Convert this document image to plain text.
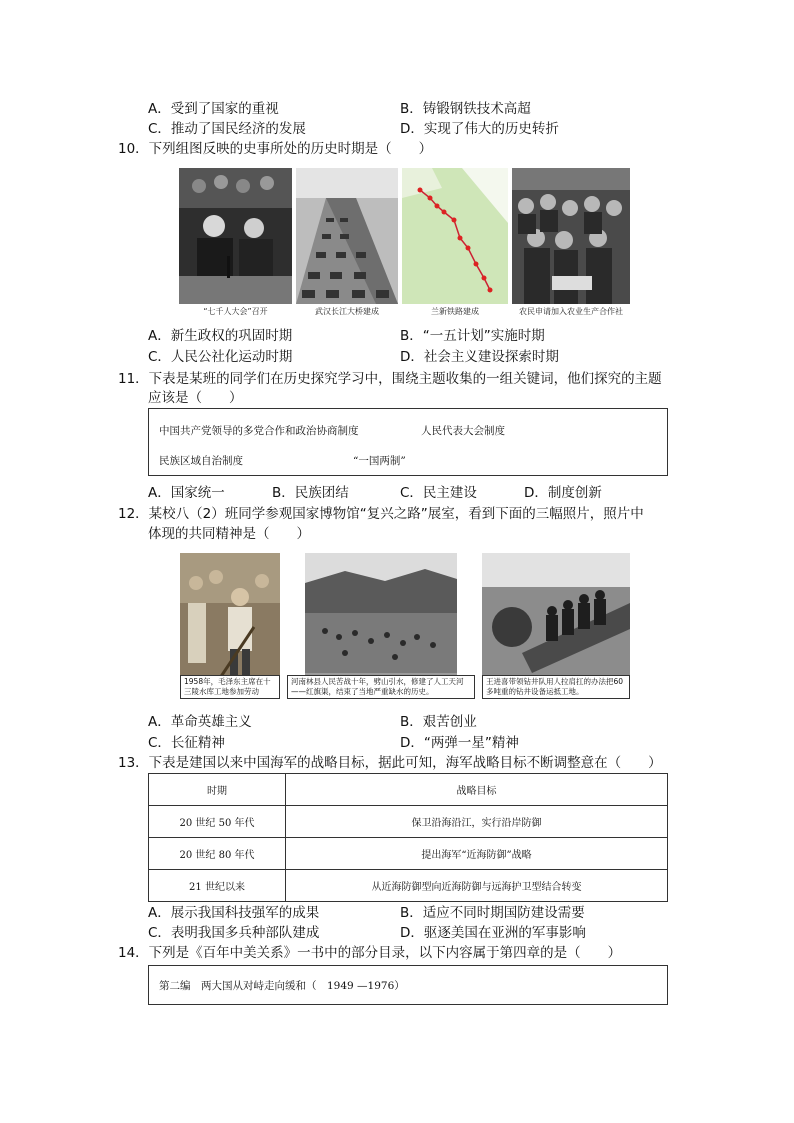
A．受到了国家的重视	B．铸锻钢铁技术高超
C．推动了国民经济的发展	D．实现了伟大的历史转折
10．下列组图反映的史事所处的历史时期是（　　）
“七千人大会”召开	武汉长江大桥建成	兰新铁路建成	农民申请加入农业生产合作社
A．新生政权的巩固时期	B．“一五计划”实施时期
C．人民公社化运动时期	D．社会主义建设探索时期
11．下表是某班的同学们在历史探究学习中，围绕主题收集的一组关键词，他们探究的主题
应该是（　　）
中国共产党领导的多党合作和政治协商制度	人民代表大会制度
民族区域自治制度	“一国两制”
A．国家统一	B．民族团结	C．民主建设	D．制度创新
12．某校八（2）班同学参观国家博物馆“复兴之路”展室，看到下面的三幅照片，照片中
体现的共同精神是（　　）
1958年，毛泽东主席在十三陵水库工地参加劳动
河南林县人民苦战十年，劈山引水，修建了人工天河——红旗渠，结束了当地严重缺水的历史。
王进喜带领钻井队用人拉肩扛的办法把60多吨重的钻井设备运抵工地。
A．革命英雄主义	B．艰苦创业
C．长征精神	D．“两弹一星”精神
13．下表是建国以来中国海军的战略目标，据此可知，海军战略目标不断调整意在（　　）
时期	战略目标
20 世纪 50 年代	保卫沿海沿江，实行沿岸防御
20 世纪 80 年代	提出海军“近海防御”战略
21 世纪以来	从近海防御型向近海防御与远海护卫型结合转变
A．展示我国科技强军的成果	B．适应不同时期国防建设需要
C．表明我国多兵种部队建成	D．驱逐美国在亚洲的军事影响
14．下列是《百年中美关系》一书中的部分目录，以下内容属于第四章的是（　　）
第二编　两大国从对峙走向缓和（　1949 —1976）
